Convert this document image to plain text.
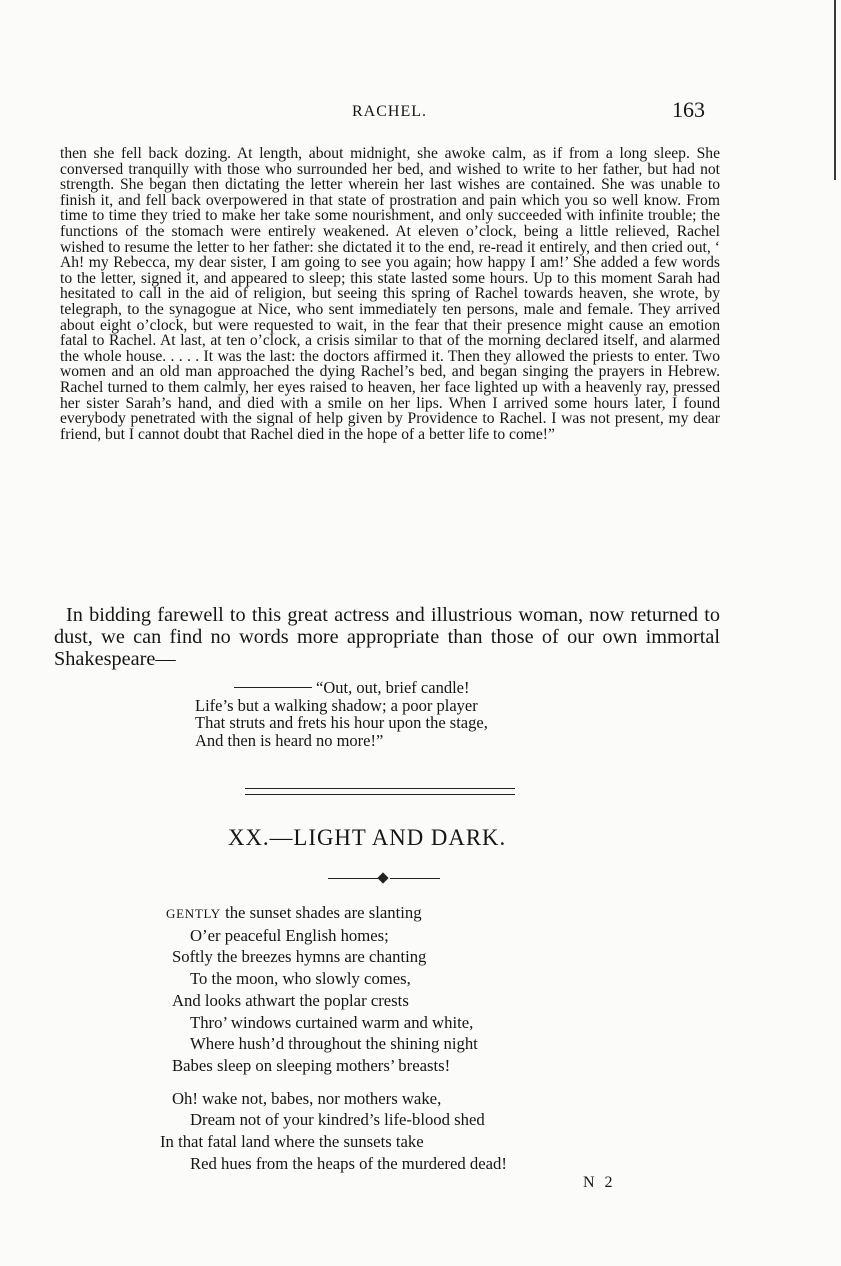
RACHEL.	163

then she fell back dozing. At length, about midnight, she awoke calm, as if from a long sleep. She conversed tranquilly with those who surrounded her bed, and wished to write to her father, but had not strength. She began then dictating the letter wherein her last wishes are contained. She was unable to finish it, and fell back overpowered in that state of prostration and pain which you so well know. From time to time they tried to make her take some nourishment, and only succeeded with infinite trouble; the functions of the stomach were entirely weakened. At eleven o’clock, being a little relieved, Rachel wished to resume the letter to her father: she dictated it to the end, re-read it entirely, and then cried out, ‘ Ah! my Rebecca, my dear sister, I am going to see you again; how happy I am!’ She added a few words to the letter, signed it, and appeared to sleep; this state lasted some hours. Up to this moment Sarah had hesitated to call in the aid of religion, but seeing this spring of Rachel towards heaven, she wrote, by telegraph, to the synagogue at Nice, who sent immediately ten persons, male and female. They arrived about eight o’clock, but were requested to wait, in the fear that their presence might cause an emotion fatal to Rachel. At last, at ten o’clock, a crisis similar to that of the morning declared itself, and alarmed the whole house. . . . . It was the last: the doctors affirmed it. Then they allowed the priests to enter. Two women and an old man approached the dying Rachel’s bed, and began singing the prayers in Hebrew. Rachel turned to them calmly, her eyes raised to heaven, her face lighted up with a heavenly ray, pressed her sister Sarah’s hand, and died with a smile on her lips. When I arrived some hours later, I found everybody penetrated with the signal of help given by Providence to Rachel. I was not present, my dear friend, but I cannot doubt that Rachel died in the hope of a better life to come!”

In bidding farewell to this great actress and illustrious woman, now returned to dust, we can find no words more appropriate than those of our own immortal Shakespeare—

“Out, out, brief candle!
Life’s but a walking shadow; a poor player
That struts and frets his hour upon the stage,
And then is heard no more!”
XX.—LIGHT AND DARK.
GENTLY the sunset shades are slanting
O’er peaceful English homes;
Softly the breezes hymns are chanting
To the moon, who slowly comes,
And looks athwart the poplar crests
Thro’ windows curtained warm and white,
Where hush’d throughout the shining night
Babes sleep on sleeping mothers’ breasts!
Oh! wake not, babes, nor mothers wake,
Dream not of your kindred’s life-blood shed
In that fatal land where the sunsets take
Red hues from the heaps of the murdered dead!
N 2
